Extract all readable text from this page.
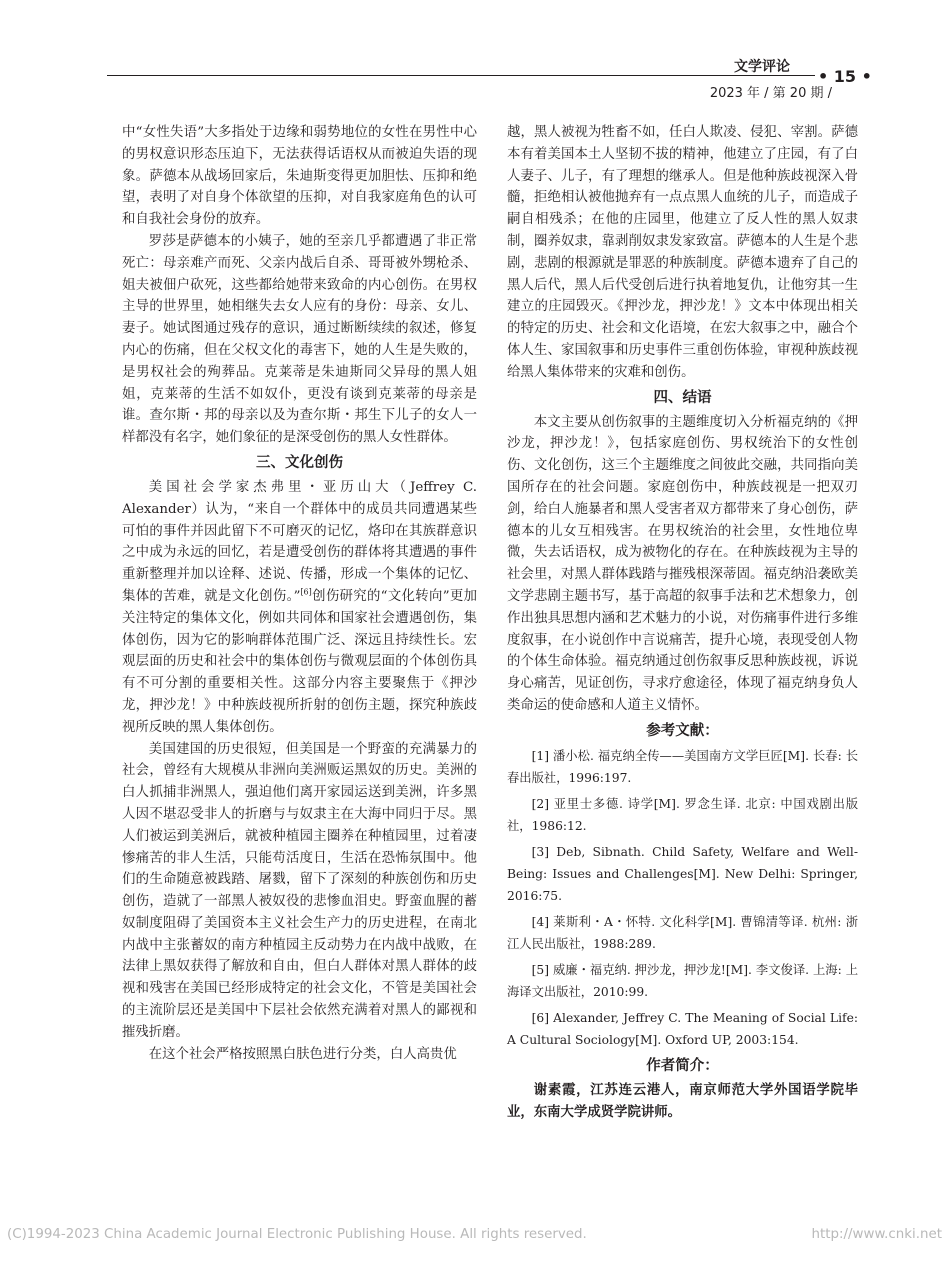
文学评论 • 15 •
2023 年 / 第 20 期 /

中“女性失语”大多指处于边缘和弱势地位的女性在男性中心的男权意识形态压迫下，无法获得话语权从而被迫失语的现象。萨德本从战场回家后，朱迪斯变得更加胆怯、压抑和绝望，表明了对自身个体欲望的压抑，对自我家庭角色的认可和自我社会身份的放弃。

罗莎是萨德本的小姨子，她的至亲几乎都遭遇了非正常死亡：母亲难产而死、父亲内战后自杀、哥哥被外甥枪杀、姐夫被佃户砍死，这些都给她带来致命的内心创伤。在男权主导的世界里，她相继失去女人应有的身份：母亲、女儿、妻子。她试图通过残存的意识，通过断断续续的叙述，修复内心的伤痛，但在父权文化的毒害下，她的人生是失败的，是男权社会的殉葬品。克莱蒂是朱迪斯同父异母的黑人姐姐，克莱蒂的生活不如奴仆，更没有谈到克莱蒂的母亲是谁。查尔斯・邦的母亲以及为查尔斯・邦生下儿子的女人一样都没有名字，她们象征的是深受创伤的黑人女性群体。

三、文化创伤

美国社会学家杰弗里・亚历山大（Jeffrey C. Alexander）认为，“来自一个群体中的成员共同遭遇某些可怕的事件并因此留下不可磨灭的记忆，烙印在其族群意识之中成为永远的回忆，若是遭受创伤的群体将其遭遇的事件重新整理并加以诠释、述说、传播，形成一个集体的记忆、集体的苦难，就是文化创伤。”[6]创伤研究的“文化转向”更加关注特定的集体文化，例如共同体和国家社会遭遇创伤，集体创伤，因为它的影响群体范围广泛、深远且持续性长。宏观层面的历史和社会中的集体创伤与微观层面的个体创伤具有不可分割的重要相关性。这部分内容主要聚焦于《押沙龙，押沙龙！》中种族歧视所折射的创伤主题，探究种族歧视所反映的黑人集体创伤。

美国建国的历史很短，但美国是一个野蛮的充满暴力的社会，曾经有大规模从非洲向美洲贩运黑奴的历史。美洲的白人抓捕非洲黑人，强迫他们离开家园运送到美洲，许多黑人因不堪忍受非人的折磨与与奴隶主在大海中同归于尽。黑人们被运到美洲后，就被种植园主圈养在种植园里，过着凄惨痛苦的非人生活，只能苟活度日，生活在恐怖氛围中。他们的生命随意被践踏、屠戮，留下了深刻的种族创伤和历史创伤，造就了一部黑人被奴役的悲惨血泪史。野蛮血腥的蓄奴制度阻碍了美国资本主义社会生产力的历史进程，在南北内战中主张蓄奴的南方种植园主反动势力在内战中战败，在法律上黑奴获得了解放和自由，但白人群体对黑人群体的歧视和残害在美国已经形成特定的社会文化，不管是美国社会的主流阶层还是美国中下层社会依然充满着对黑人的鄙视和摧残折磨。

在这个社会严格按照黑白肤色进行分类，白人高贵优

越，黑人被视为牲畜不如，任白人欺凌、侵犯、宰割。萨德本有着美国本土人坚韧不拔的精神，他建立了庄园，有了白人妻子、儿子，有了理想的继承人。但是他种族歧视深入骨髓，拒绝相认被他抛弃有一点点黑人血统的儿子，而造成子嗣自相残杀；在他的庄园里，他建立了反人性的黑人奴隶制，圈养奴隶，靠剥削奴隶发家致富。萨德本的人生是个悲剧，悲剧的根源就是罪恶的种族制度。萨德本遗弃了自己的黑人后代，黑人后代受创后进行执着地复仇，让他穷其一生建立的庄园毁灭。《押沙龙，押沙龙！》文本中体现出相关的特定的历史、社会和文化语境，在宏大叙事之中，融合个体人生、家国叙事和历史事件三重创伤体验，审视种族歧视给黑人集体带来的灾难和创伤。

四、结语

本文主要从创伤叙事的主题维度切入分析福克纳的《押沙龙，押沙龙！》，包括家庭创伤、男权统治下的女性创伤、文化创伤，这三个主题维度之间彼此交融，共同指向美国所存在的社会问题。家庭创伤中，种族歧视是一把双刃剑，给白人施暴者和黑人受害者双方都带来了身心创伤，萨德本的儿女互相残害。在男权统治的社会里，女性地位卑微，失去话语权，成为被物化的存在。在种族歧视为主导的社会里，对黑人群体践踏与摧残根深蒂固。福克纳沿袭欧美文学悲剧主题书写，基于高超的叙事手法和艺术想象力，创作出独具思想内涵和艺术魅力的小说，对伤痛事件进行多维度叙事，在小说创作中言说痛苦，提升心境，表现受创人物的个体生命体验。福克纳通过创伤叙事反思种族歧视，诉说身心痛苦，见证创伤，寻求疗愈途径，体现了福克纳身负人类命运的使命感和人道主义情怀。

参考文献：

[1] 潘小松. 福克纳全传——美国南方文学巨匠[M]. 长春: 长春出版社，1996:197.

[2] 亚里士多德. 诗学[M]. 罗念生译. 北京: 中国戏剧出版社，1986:12.

[3] Deb, Sibnath. Child Safety, Welfare and Well-Being: Issues and Challenges[M]. New Delhi: Springer, 2016:75.

[4] 莱斯利・A・怀特. 文化科学[M]. 曹锦清等译. 杭州: 浙江人民出版社，1988:289.

[5] 威廉・福克纳. 押沙龙，押沙龙![M]. 李文俊译. 上海: 上海译文出版社，2010:99.

[6] Alexander, Jeffrey C. The Meaning of Social Life: A Cultural Sociology[M]. Oxford UP, 2003:154.

作者简介：

谢素霞，江苏连云港人，南京师范大学外国语学院毕业，东南大学成贤学院讲师。

(C)1994-2023 China Academic Journal Electronic Publishing House. All rights reserved.	http://www.cnki.net
